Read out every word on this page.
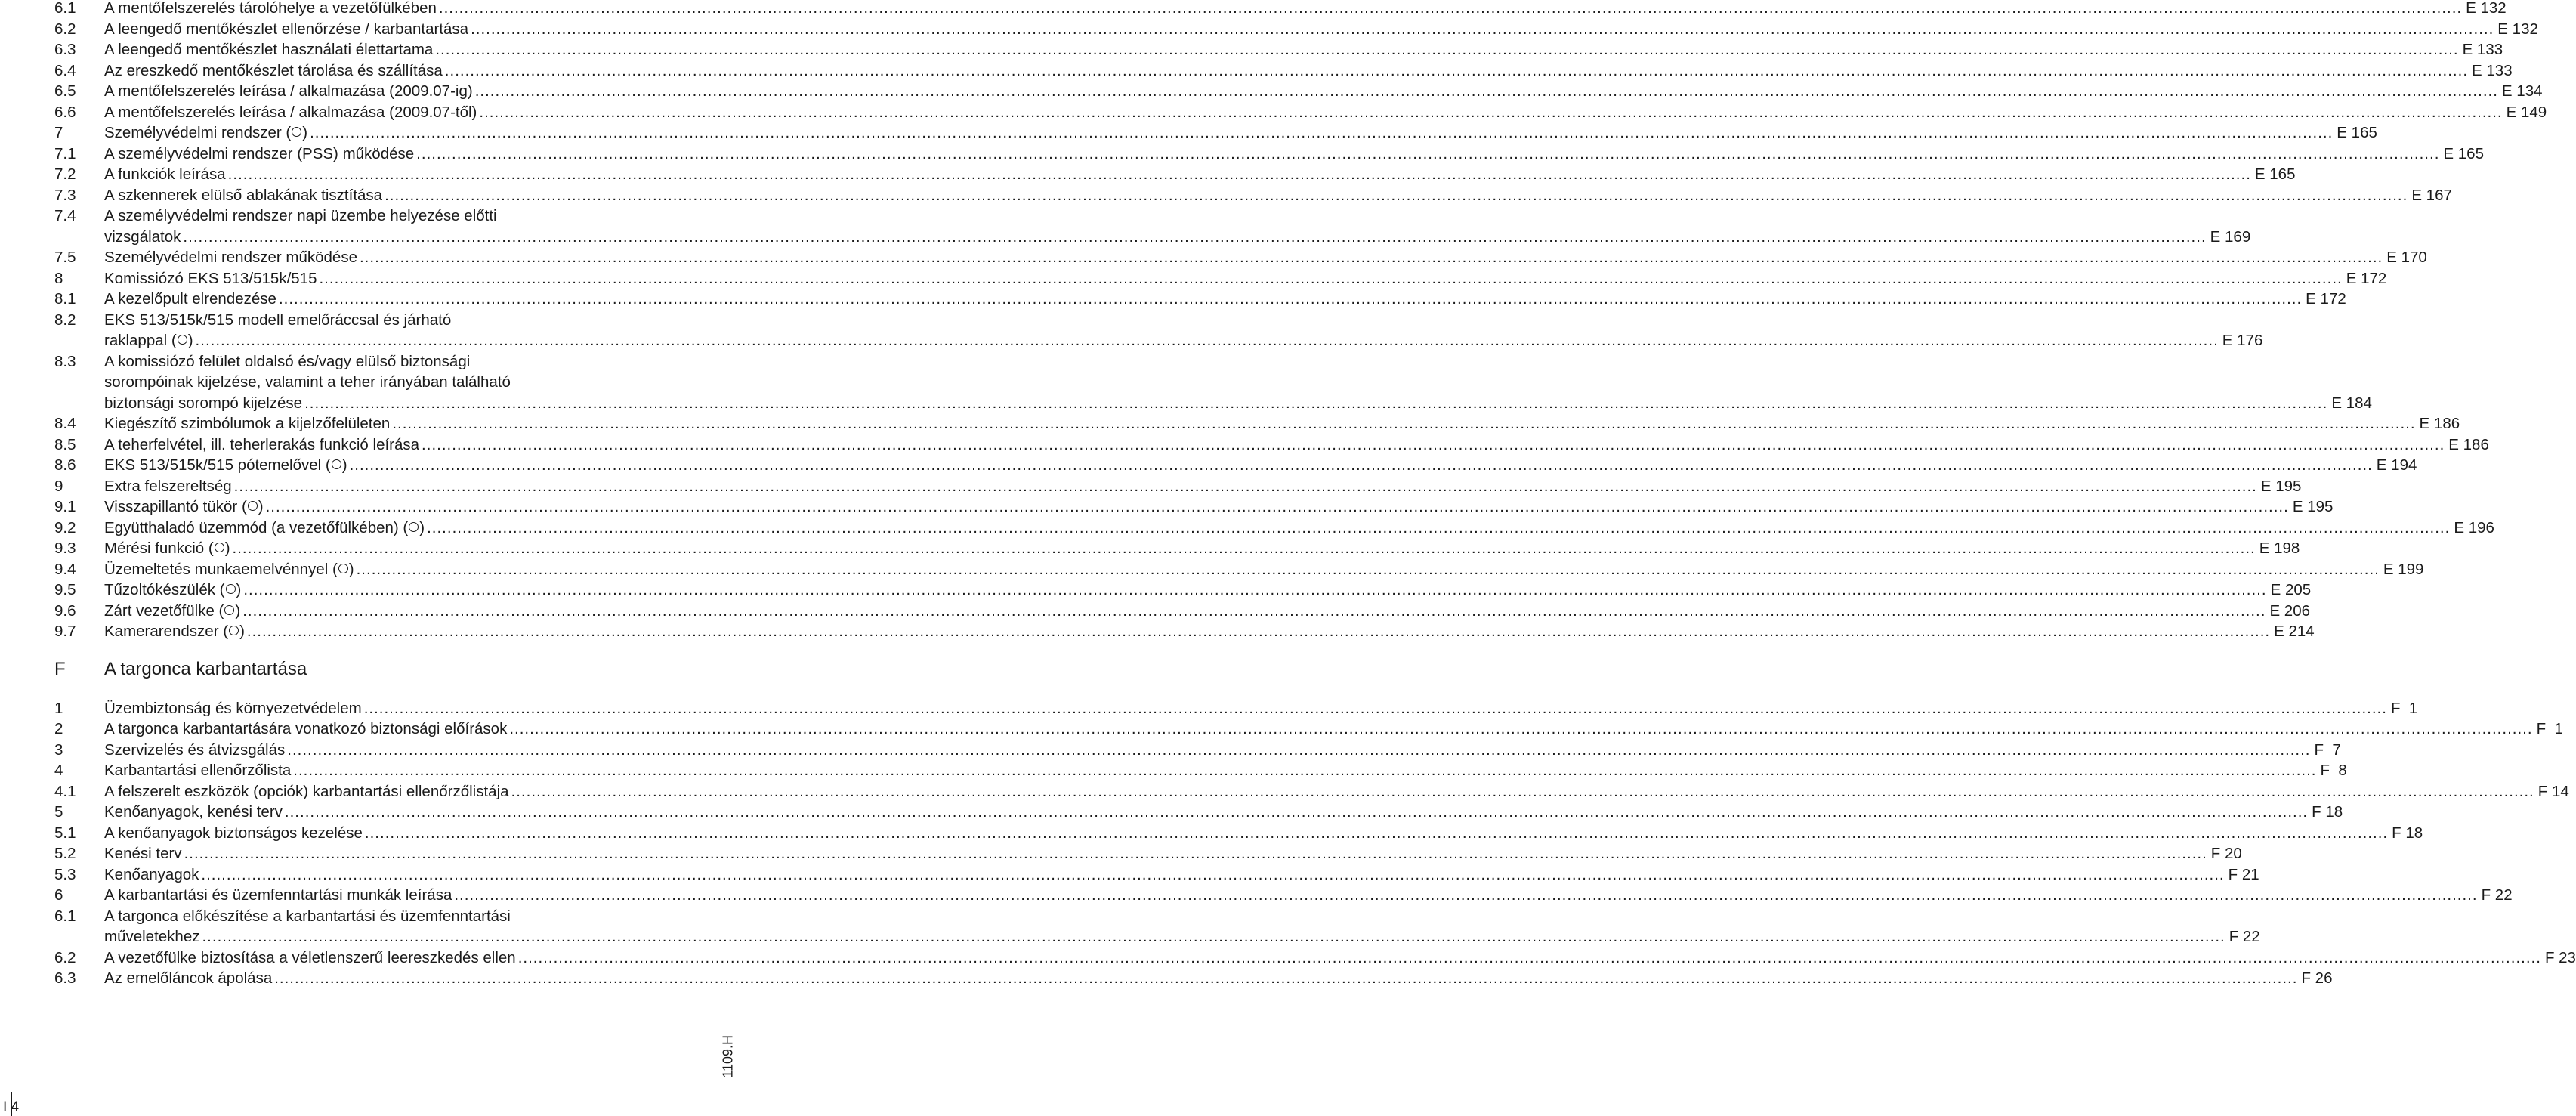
6.1 A mentőfelszerelés tárolóhelye a vezetőfülkében ................................................................................................................................................................................................................................................................................................................................................................................................................ E 132
6.2 A leengedő mentőkészlet ellenőrzése / karbantartása ................................................................................................................................................................................................................................................................................................................................................................................................................ E 132
6.3 A leengedő mentőkészlet használati élettartama ................................................................................................................................................................................................................................................................................................................................................................................................................ E 133
6.4 Az ereszkedő mentőkészlet tárolása és szállítása ................................................................................................................................................................................................................................................................................................................................................................................................................ E 133
6.5 A mentőfelszerelés leírása / alkalmazása (2009.07-ig) ................................................................................................................................................................................................................................................................................................................................................................................................................ E 134
6.6 A mentőfelszerelés leírása / alkalmazása (2009.07-től) ................................................................................................................................................................................................................................................................................................................................................................................................................ E 149
7	Személyvédelmi rendszer ( ) ................................................................................................................................................................................................................................................................................................................................................................................................................ E 165
7.1 A személyvédelmi rendszer (PSS) működése ................................................................................................................................................................................................................................................................................................................................................................................................................ E 165
7.2 A funkciók leírása ................................................................................................................................................................................................................................................................................................................................................................................................................ E 165
7.3 A szkennerek elülső ablakának tisztítása ................................................................................................................................................................................................................................................................................................................................................................................................................ E 167
7.4 A személyvédelmi rendszer napi üzembe helyezése előtti
vizsgálatok ................................................................................................................................................................................................................................................................................................................................................................................................................ E 169
7.5 Személyvédelmi rendszer működése ................................................................................................................................................................................................................................................................................................................................................................................................................ E 170
8	Komissiózó EKS 513/515k/515 ................................................................................................................................................................................................................................................................................................................................................................................................................ E 172
8.1 A kezelőpult elrendezése ................................................................................................................................................................................................................................................................................................................................................................................................................ E 172
8.2 EKS 513/515k/515 modell emelőráccsal és járható
raklappal ( ) ................................................................................................................................................................................................................................................................................................................................................................................................................ E 176
8.3 A komissiózó felület oldalsó és/vagy elülső biztonsági
sorompóinak kijelzése, valamint a teher irányában található
biztonsági sorompó kijelzése ................................................................................................................................................................................................................................................................................................................................................................................................................ E 184
8.4 Kiegészítő szimbólumok a kijelzőfelületen ................................................................................................................................................................................................................................................................................................................................................................................................................ E 186
8.5 A teherfelvétel, ill. teherlerakás funkció leírása ................................................................................................................................................................................................................................................................................................................................................................................................................ E 186
8.6 EKS 513/515k/515 pótemelővel ( ) ................................................................................................................................................................................................................................................................................................................................................................................................................ E 194
9	Extra felszereltség ................................................................................................................................................................................................................................................................................................................................................................................................................ E 195
9.1 Visszapillantó tükör ( ) ................................................................................................................................................................................................................................................................................................................................................................................................................ E 195
9.2 Együtthaladó üzemmód (a vezetőfülkében) ( ) ................................................................................................................................................................................................................................................................................................................................................................................................................ E 196
9.3 Mérési funkció ( ) ................................................................................................................................................................................................................................................................................................................................................................................................................ E 198
9.4 Üzemeltetés munkaemelvénnyel ( ) ................................................................................................................................................................................................................................................................................................................................................................................................................ E 199
9.5 Tűzoltókészülék ( ) ................................................................................................................................................................................................................................................................................................................................................................................................................ E 205
9.6 Zárt vezetőfülke ( ) ................................................................................................................................................................................................................................................................................................................................................................................................................ E 206
9.7 Kamerarendszer ( ) ................................................................................................................................................................................................................................................................................................................................................................................................................ E 214
F A targonca karbantartása
1	Üzembiztonság és környezetvédelem ................................................................................................................................................................................................................................................................................................................................................................................................................ F  1
2	A targonca karbantartására vonatkozó biztonsági előírások ................................................................................................................................................................................................................................................................................................................................................................................................................ F  1
3	Szervizelés és átvizsgálás ................................................................................................................................................................................................................................................................................................................................................................................................................ F  7
4	Karbantartási ellenőrzőlista ................................................................................................................................................................................................................................................................................................................................................................................................................ F  8
4.1 A felszerelt eszközök (opciók) karbantartási ellenőrzőlistája ................................................................................................................................................................................................................................................................................................................................................................................................................ F 14
5	Kenőanyagok, kenési terv ................................................................................................................................................................................................................................................................................................................................................................................................................ F 18
5.1 A kenőanyagok biztonságos kezelése ................................................................................................................................................................................................................................................................................................................................................................................................................ F 18
5.2 Kenési terv ................................................................................................................................................................................................................................................................................................................................................................................................................ F 20
5.3 Kenőanyagok ................................................................................................................................................................................................................................................................................................................................................................................................................ F 21
6	A karbantartási és üzemfenntartási munkák leírása ................................................................................................................................................................................................................................................................................................................................................................................................................ F 22
6.1 A targonca előkészítése a karbantartási és üzemfenntartási
műveletekhez ................................................................................................................................................................................................................................................................................................................................................................................................................ F 22
6.2 A vezetőfülke biztosítása a véletlenszerű leereszkedés ellen ................................................................................................................................................................................................................................................................................................................................................................................................................ F 23
6.3 Az emelőláncok ápolása ................................................................................................................................................................................................................................................................................................................................................................................................................ F 26
1109.H
I 4
